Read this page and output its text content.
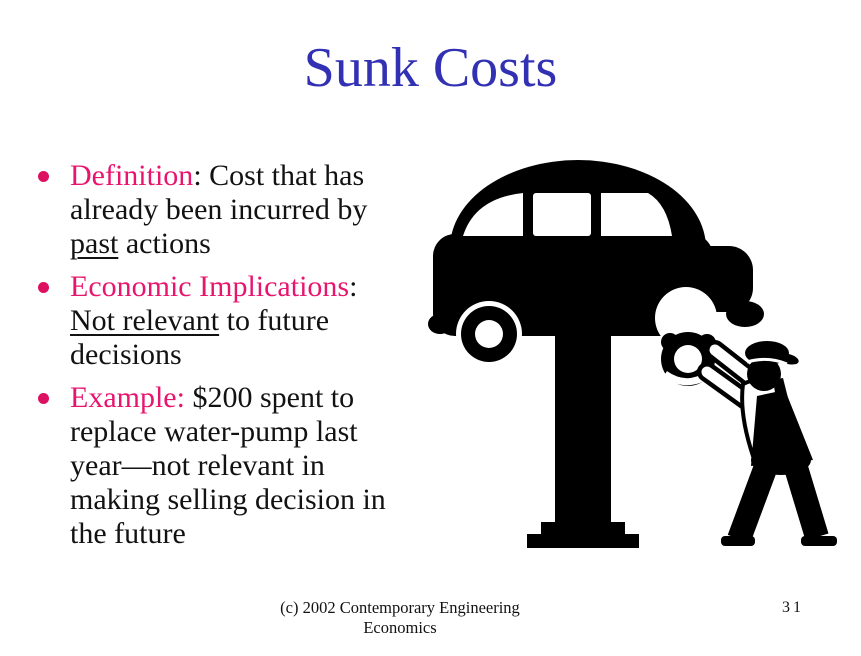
Sunk Costs
Definition: Cost that has
already been incurred by
past actions
Economic Implications:
Not relevant to future
decisions
Example: $200 spent to
replace water-pump last
year—not relevant in
making selling decision in
the future
(c) 2002 Contemporary Engineering
Economics
31
